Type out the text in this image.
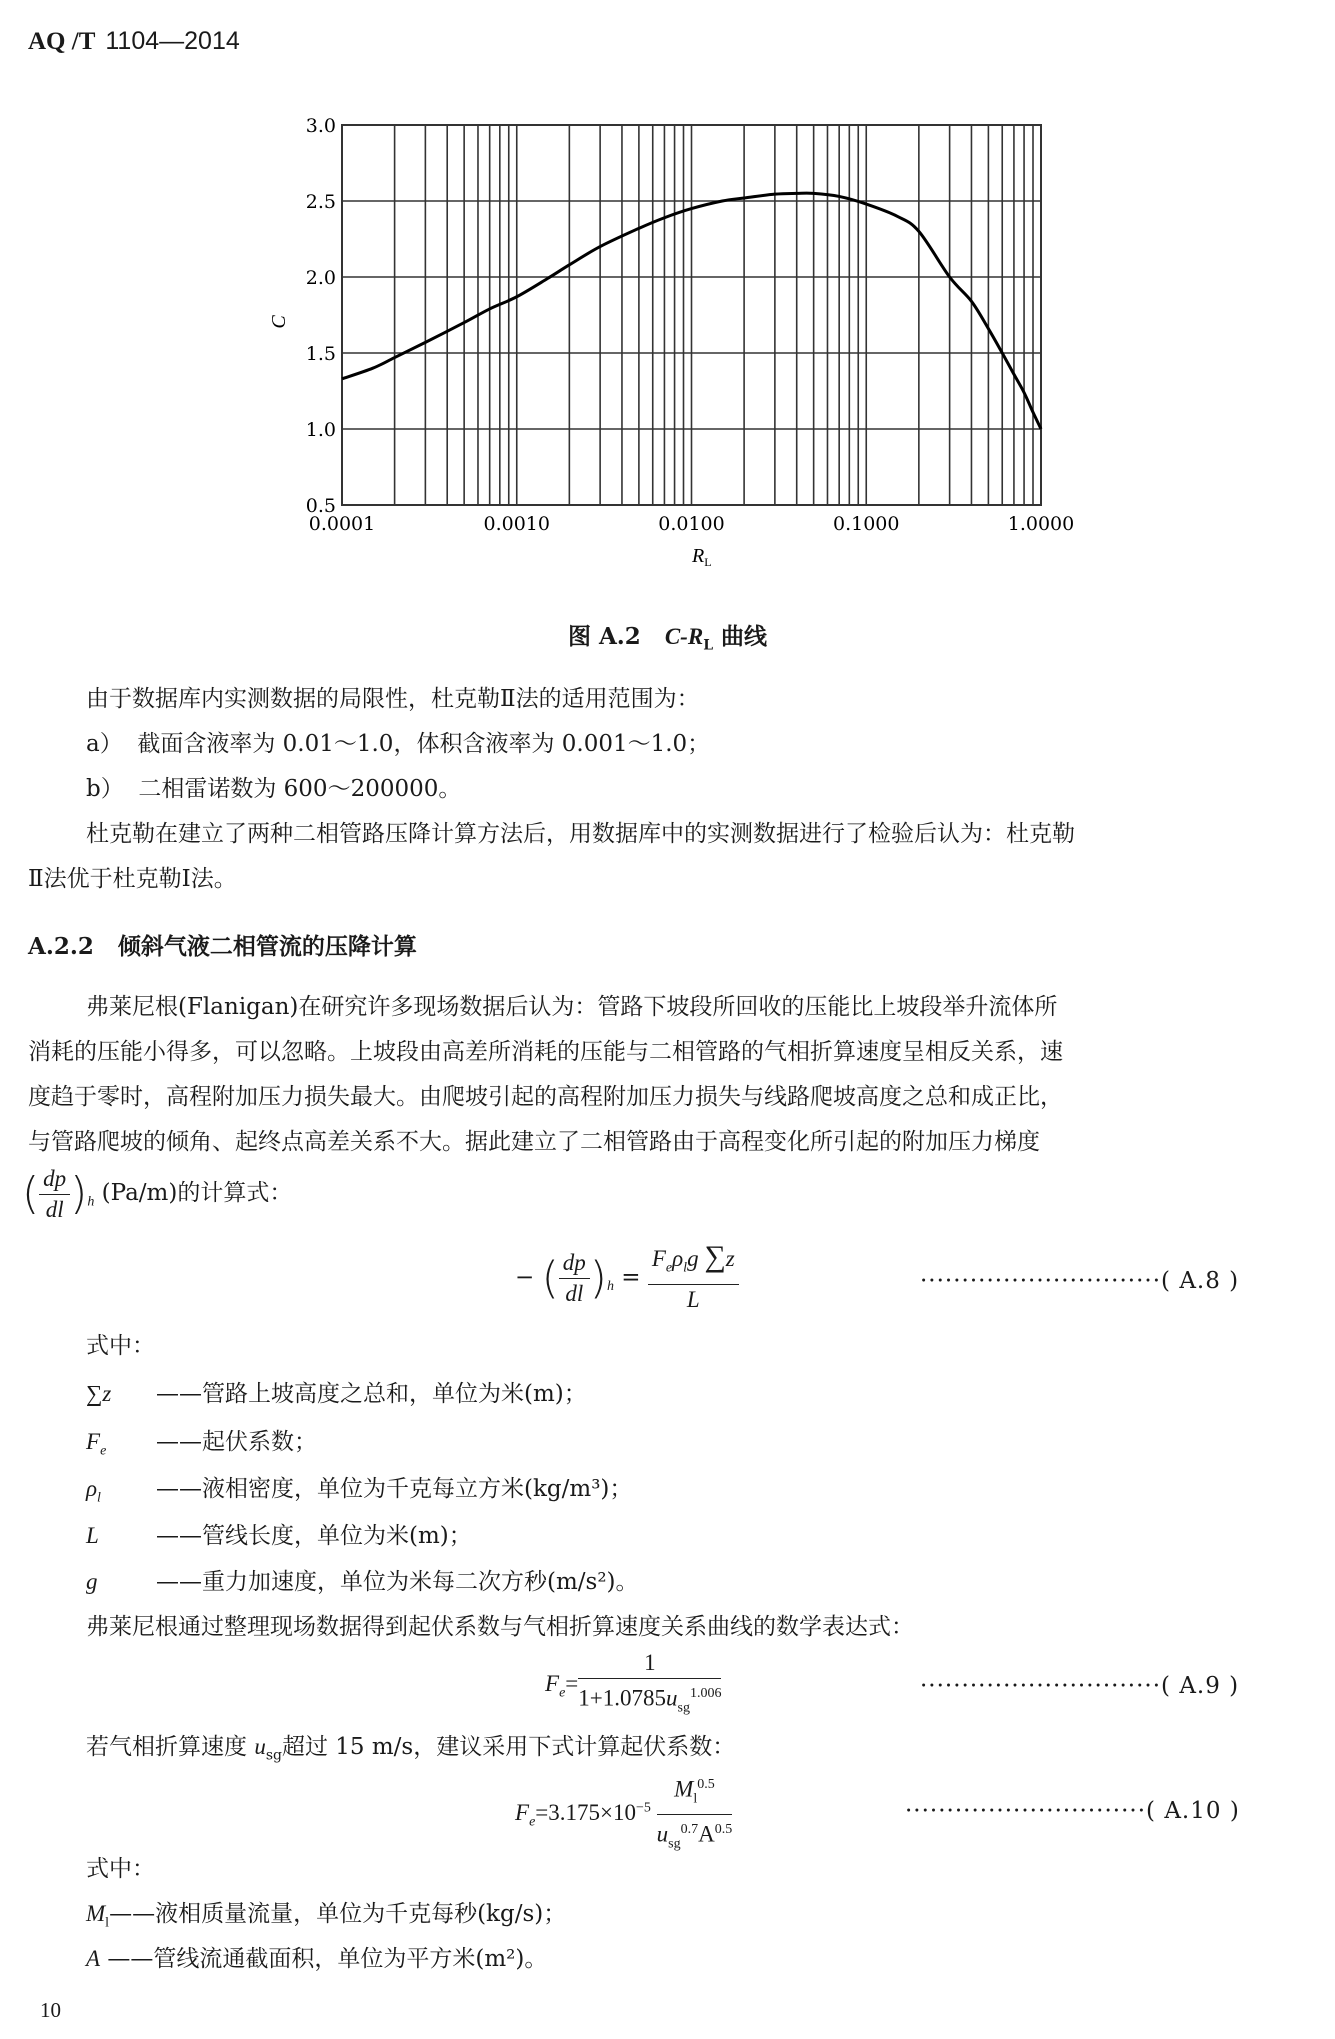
AQ /T 1104—2014
0.0001	0.0010	0.0100	0.1000	1.0000
0.5
1.0
1.5
2.0
2.5
3.0
C
$R_L$
图 A.2 $C-R_L$ 曲线
由于数据库内实测数据的局限性，杜克勒Ⅱ法的适用范围为：
a） 截面含液率为 0.01～1.0，体积含液率为 0.001～1.0；
b） 二相雷诺数为 600～200000。
杜克勒在建立了两种二相管路压降计算方法后，用数据库中的实测数据进行了检验后认为：杜克勒
Ⅱ法优于杜克勒Ⅰ法。
A.2.2 倾斜气液二相管流的压降计算
弗莱尼根(Flanigan)在研究许多现场数据后认为：管路下坡段所回收的压能比上坡段举升流体所
消耗的压能小得多，可以忽略。上坡段由高差所消耗的压能与二相管路的气相折算速度呈相反关系，速
度趋于零时，高程附加压力损失最大。由爬坡引起的高程附加压力损失与线路爬坡高度之总和成正比，
与管路爬坡的倾角、起终点高差关系不大。据此建立了二相管路由于高程变化所引起的附加压力梯度
( $\frac{dp}{dl} )_h$ (Pa/m)的计算式：
− ( $\frac{dp}{dl} )_h = \frac{F_e\rho_lg \sum z}{L}$	·····························( A.8 )
式中：
∑z ——管路上坡高度之总和，单位为米(m)；
$F_e$ ——起伏系数；
$\rho_l$ ——液相密度，单位为千克每立方米(kg/m³)；
L ——管线长度，单位为米(m)；
g	——重力加速度，单位为米每二次方秒(m/s²)。
弗莱尼根通过整理现场数据得到起伏系数与气相折算速度关系曲线的数学表达式：
$F_e= \frac{1}{1+1.0785u_{sg}^{1.006}}$	·····························( A.9 )
若气相折算速度 $u_{sg}$超过 15 m/s，建议采用下式计算起伏系数：
$F_e=3.175\times 10^{-5} \frac{M_l^{0.5}}{u_{sg}^{0.7}A^{0.5}}$	·····························( A.10 )
式中：
$M_l——$液相质量流量，单位为千克每秒(kg/s)；
A ——管线流通截面积，单位为平方米(m²)。
10
